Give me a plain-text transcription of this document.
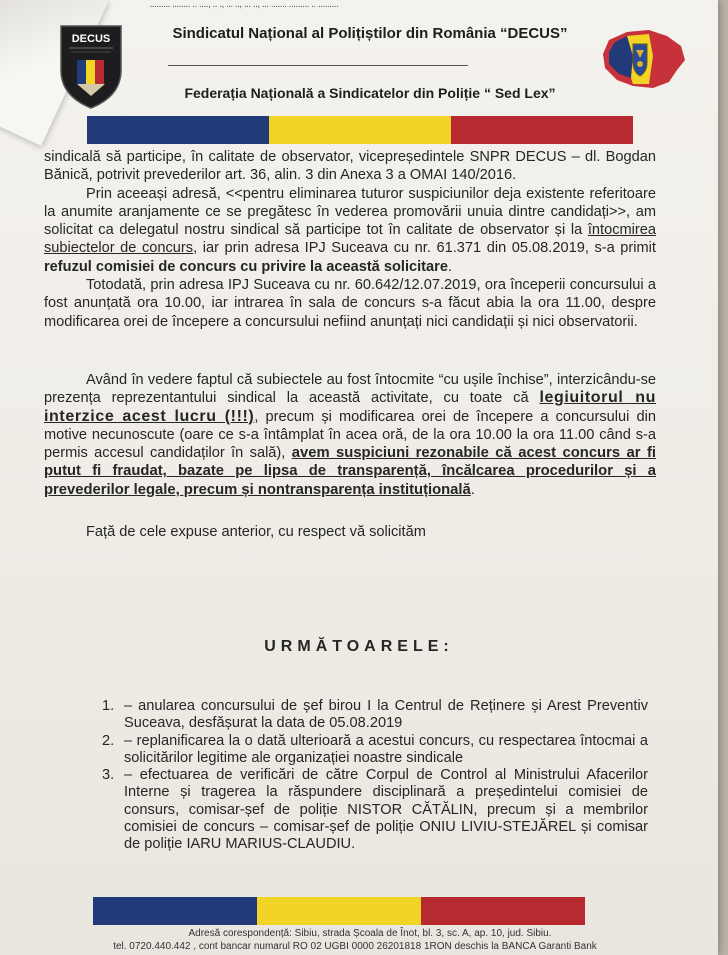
......... ........ .. ...., .. ., ... .., ... .., ... ....... ......... .. .........
DECUS	Sindicatul Național al Polițiștilor din România “DECUS”
Federația Națională a Sindicatelor din Poliție “ Sed Lex”

sindicală să participe, în calitate de observator, vicepreședintele SNPR DECUS – dl. Bogdan Bănică, potrivit prevederilor art. 36, alin. 3 din Anexa 3 a OMAI 140/2016.

Prin aceeași adresă, <<pentru eliminarea tuturor suspiciunilor deja existente referitoare la anumite aranjamente ce se pregătesc în vederea promovării unuia dintre candidați>>, am solicitat ca delegatul nostru sindical să participe tot în calitate de observator și la întocmirea subiectelor de concurs, iar prin adresa IPJ Suceava cu nr. 61.371 din 05.08.2019, s-a primit refuzul comisiei de concurs cu privire la această solicitare.

Totodată, prin adresa IPJ Suceava cu nr. 60.642/12.07.2019, ora începerii concursului a fost anunțată ora 10.00, iar intrarea în sala de concurs s-a făcut abia la ora 11.00, despre modificarea orei de începere a concursului nefiind anunțați nici candidații și nici observatorii.

Având în vedere faptul că subiectele au fost întocmite “cu ușile închise”, interzicându-se prezența reprezentantului sindical la această activitate, cu toate că legiuitorul nu interzice acest lucru (!!!), precum și modificarea orei de începere a concursului din motive necunoscute (oare ce s-a întâmplat în acea oră, de la ora 10.00 la ora 11.00 când s-a permis accesul candidaților în sală), avem suspiciuni rezonabile că acest concurs ar fi putut fi fraudat, bazate pe lipsa de transparență, încălcarea procedurilor și a prevederilor legale, precum și nontransparența instituțională.

Față de cele expuse anterior, cu respect vă solicităm

URMĂTOARELE:
1. – anularea concursului de șef birou I la Centrul de Reținere și Arest Preventiv Suceava, desfășurat la data de 05.08.2019
2. – replanificarea la o dată ulterioară a acestui concurs, cu respectarea întocmai a solicitărilor legitime ale organizației noastre sindicale
3. – efectuarea de verificări de către Corpul de Control al Ministrului Afacerilor Interne și tragerea la răspundere disciplinară a președintelui comisiei de consurs, comisar-șef de poliție NISTOR CĂTĂLIN, precum și a membrilor comisiei de concurs – comisar-șef de poliție ONIU LIVIU-STEJĂREL și comisar de poliție IARU MARIUS-CLAUDIU.
Adresă corespondență: Sibiu, strada Școala de Înot, bl. 3, sc. A, ap. 10, jud. Sibiu.
tel. 0720.440.442 , cont bancar numarul RO 02 UGBI 0000 26201818 1RON deschis la BANCA Garanti Bank
